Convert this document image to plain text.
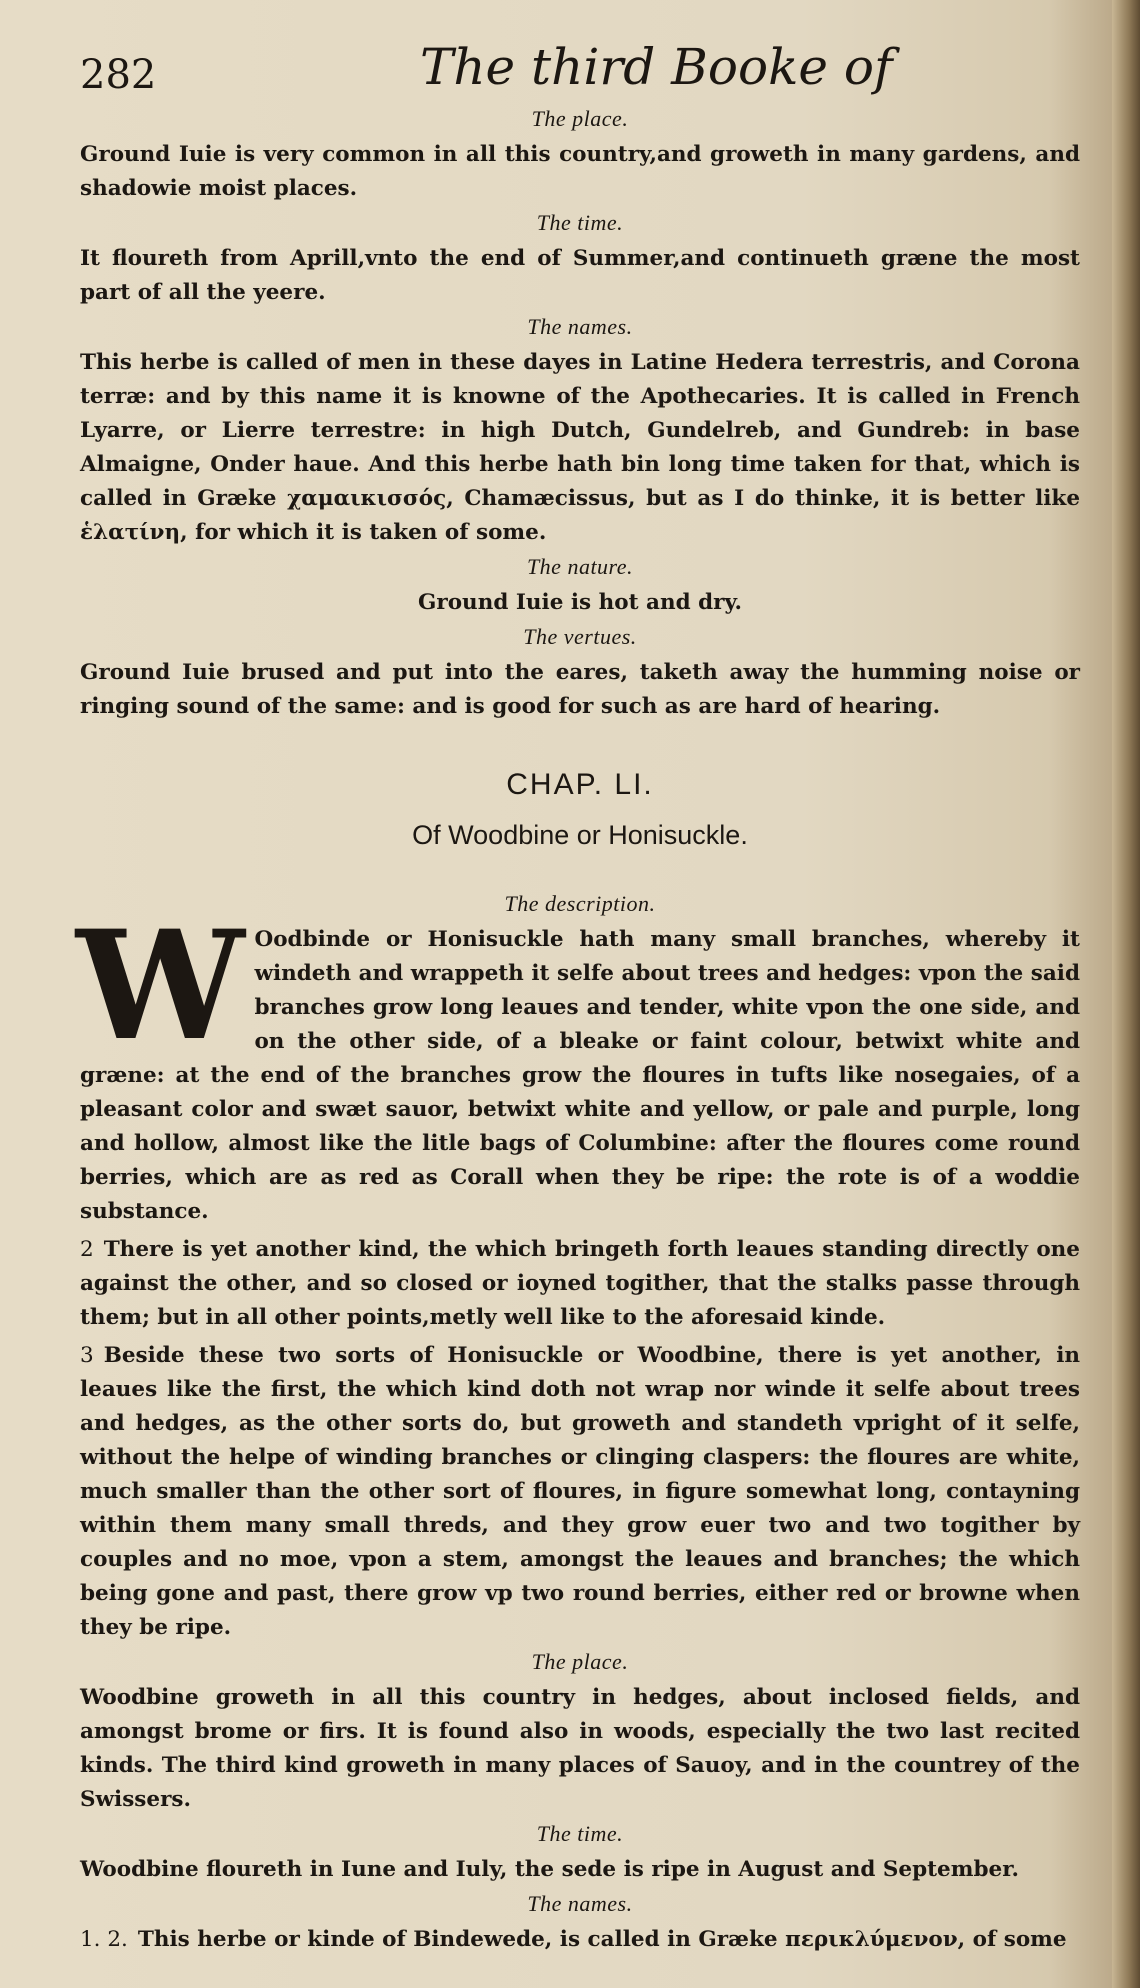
282	The third Booke of
The place.

Ground Iuie is very common in all this country,and groweth in many gardens, and shadowie moist places.

The time.

It floureth from Aprill,vnto the end of Summer,and continueth græne the most part of all the yeere.

The names.

This herbe is called of men in these dayes in Latine Hedera terrestris, and Corona terræ: and by this name it is knowne of the Apothecaries. It is called in French Lyarre, or Lierre terrestre: in high Dutch, Gundelreb, and Gundreb: in base Almaigne, Onder haue. And this herbe hath bin long time taken for that, which is called in Græke χαμαικισσός, Chamæcissus, but as I do thinke, it is better like ἑλατίνη, for which it is taken of some.

The nature.

Ground Iuie is hot and dry.

The vertues.

Ground Iuie brused and put into the eares, taketh away the humming noise or ringing sound of the same: and is good for such as are hard of hearing.

CHAP. LI.
Of Woodbine or Honisuckle.
The description.

W Oodbinde or Honisuckle hath many small branches, whereby it windeth and wrappeth it selfe about trees and hedges: vpon the said branches grow long leaues and tender, white vpon the one side, and on the other side, of a bleake or faint colour, betwixt white and græne: at the end of the branches grow the floures in tufts like nosegaies, of a pleasant color and swæt sauor, betwixt white and yellow, or pale and purple, long and hollow, almost like the litle bags of Columbine: after the floures come round berries, which are as red as Corall when they be ripe: the rote is of a woddie substance.

2 There is yet another kind, the which bringeth forth leaues standing directly one against the other, and so closed or ioyned togither, that the stalks passe through them; but in all other points,metly well like to the aforesaid kinde.

3 Beside these two sorts of Honisuckle or Woodbine, there is yet another, in leaues like the first, the which kind doth not wrap nor winde it selfe about trees and hedges, as the other sorts do, but groweth and standeth vpright of it selfe, without the helpe of winding branches or clinging claspers: the floures are white, much smaller than the other sort of floures, in figure somewhat long, contayning within them many small threds, and they grow euer two and two togither by couples and no moe, vpon a stem, amongst the leaues and branches; the which being gone and past, there grow vp two round berries, either red or browne when they be ripe.

The place.

Woodbine groweth in all this country in hedges, about inclosed fields, and amongst brome or firs. It is found also in woods, especially the two last recited kinds. The third kind groweth in many places of Sauoy, and in the countrey of the Swissers.

The time.

Woodbine floureth in Iune and Iuly, the sede is ripe in August and September.

The names.

1. 2. This herbe or kinde of Bindewede, is called in Græke περικλύμενον, of some
